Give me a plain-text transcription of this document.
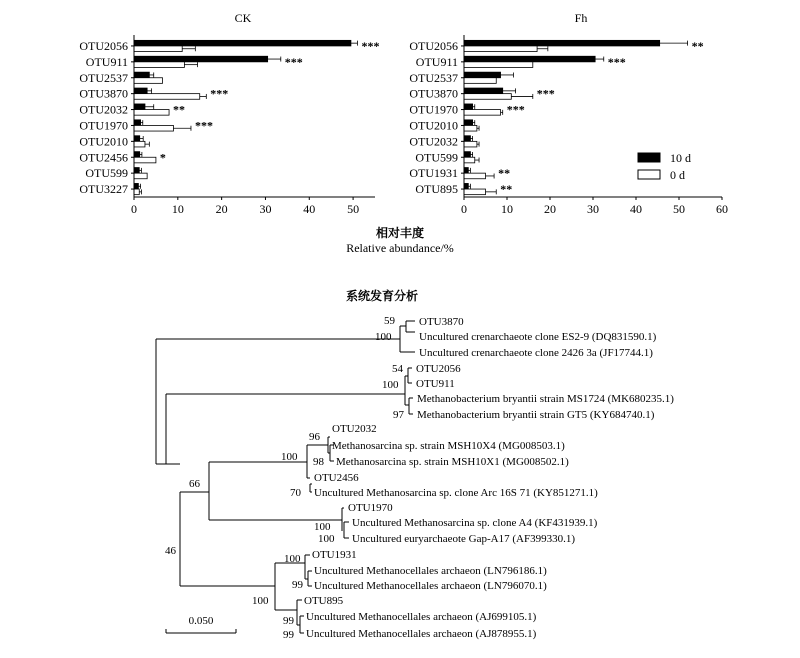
CK
OTU2056	***
OTU911	***
OTU2537
OTU3870	***
OTU2032	**
OTU1970	***
OTU2010
OTU2456	*
OTU599
OTU3227
0	10	20	30	40	50
Fh
OTU2056	**
OTU911	***
OTU2537
OTU3870	***
OTU1970	***
OTU2010
OTU2032
OTU599
OTU1931	**
OTU895	**
0	10	20	30	40	50	60
10 d
0 d
相对丰度
Relative abundance/%
系统发育分析
OTU3870
Uncultured crenarchaeote clone ES2-9 (DQ831590.1)
Uncultured crenarchaeote clone 2426 3a (JF17744.1)
OTU2056
OTU911
Methanobacterium bryantii strain MS1724 (MK680235.1)
Methanobacterium bryantii strain GT5 (KY684740.1)
OTU2032
Methanosarcina sp. strain MSH10X4 (MG008503.1)
Methanosarcina sp. strain MSH10X1 (MG008502.1)
OTU2456
Uncultured Methanosarcina sp. clone Arc 16S 71 (KY851271.1)
OTU1970
Uncultured Methanosarcina sp. clone A4 (KF431939.1)
Uncultured euryarchaeote Gap-A17 (AF399330.1)
OTU1931
Uncultured Methanocellales archaeon (LN796186.1)
Uncultured Methanocellales archaeon (LN796070.1)
OTU895
Uncultured Methanocellales archaeon (AJ699105.1)
Uncultured Methanocellales archaeon (AJ878955.1)
59
100
54
100
97
96
100 98
66
70
100
100
46
100
99
100
99
99
0.050
